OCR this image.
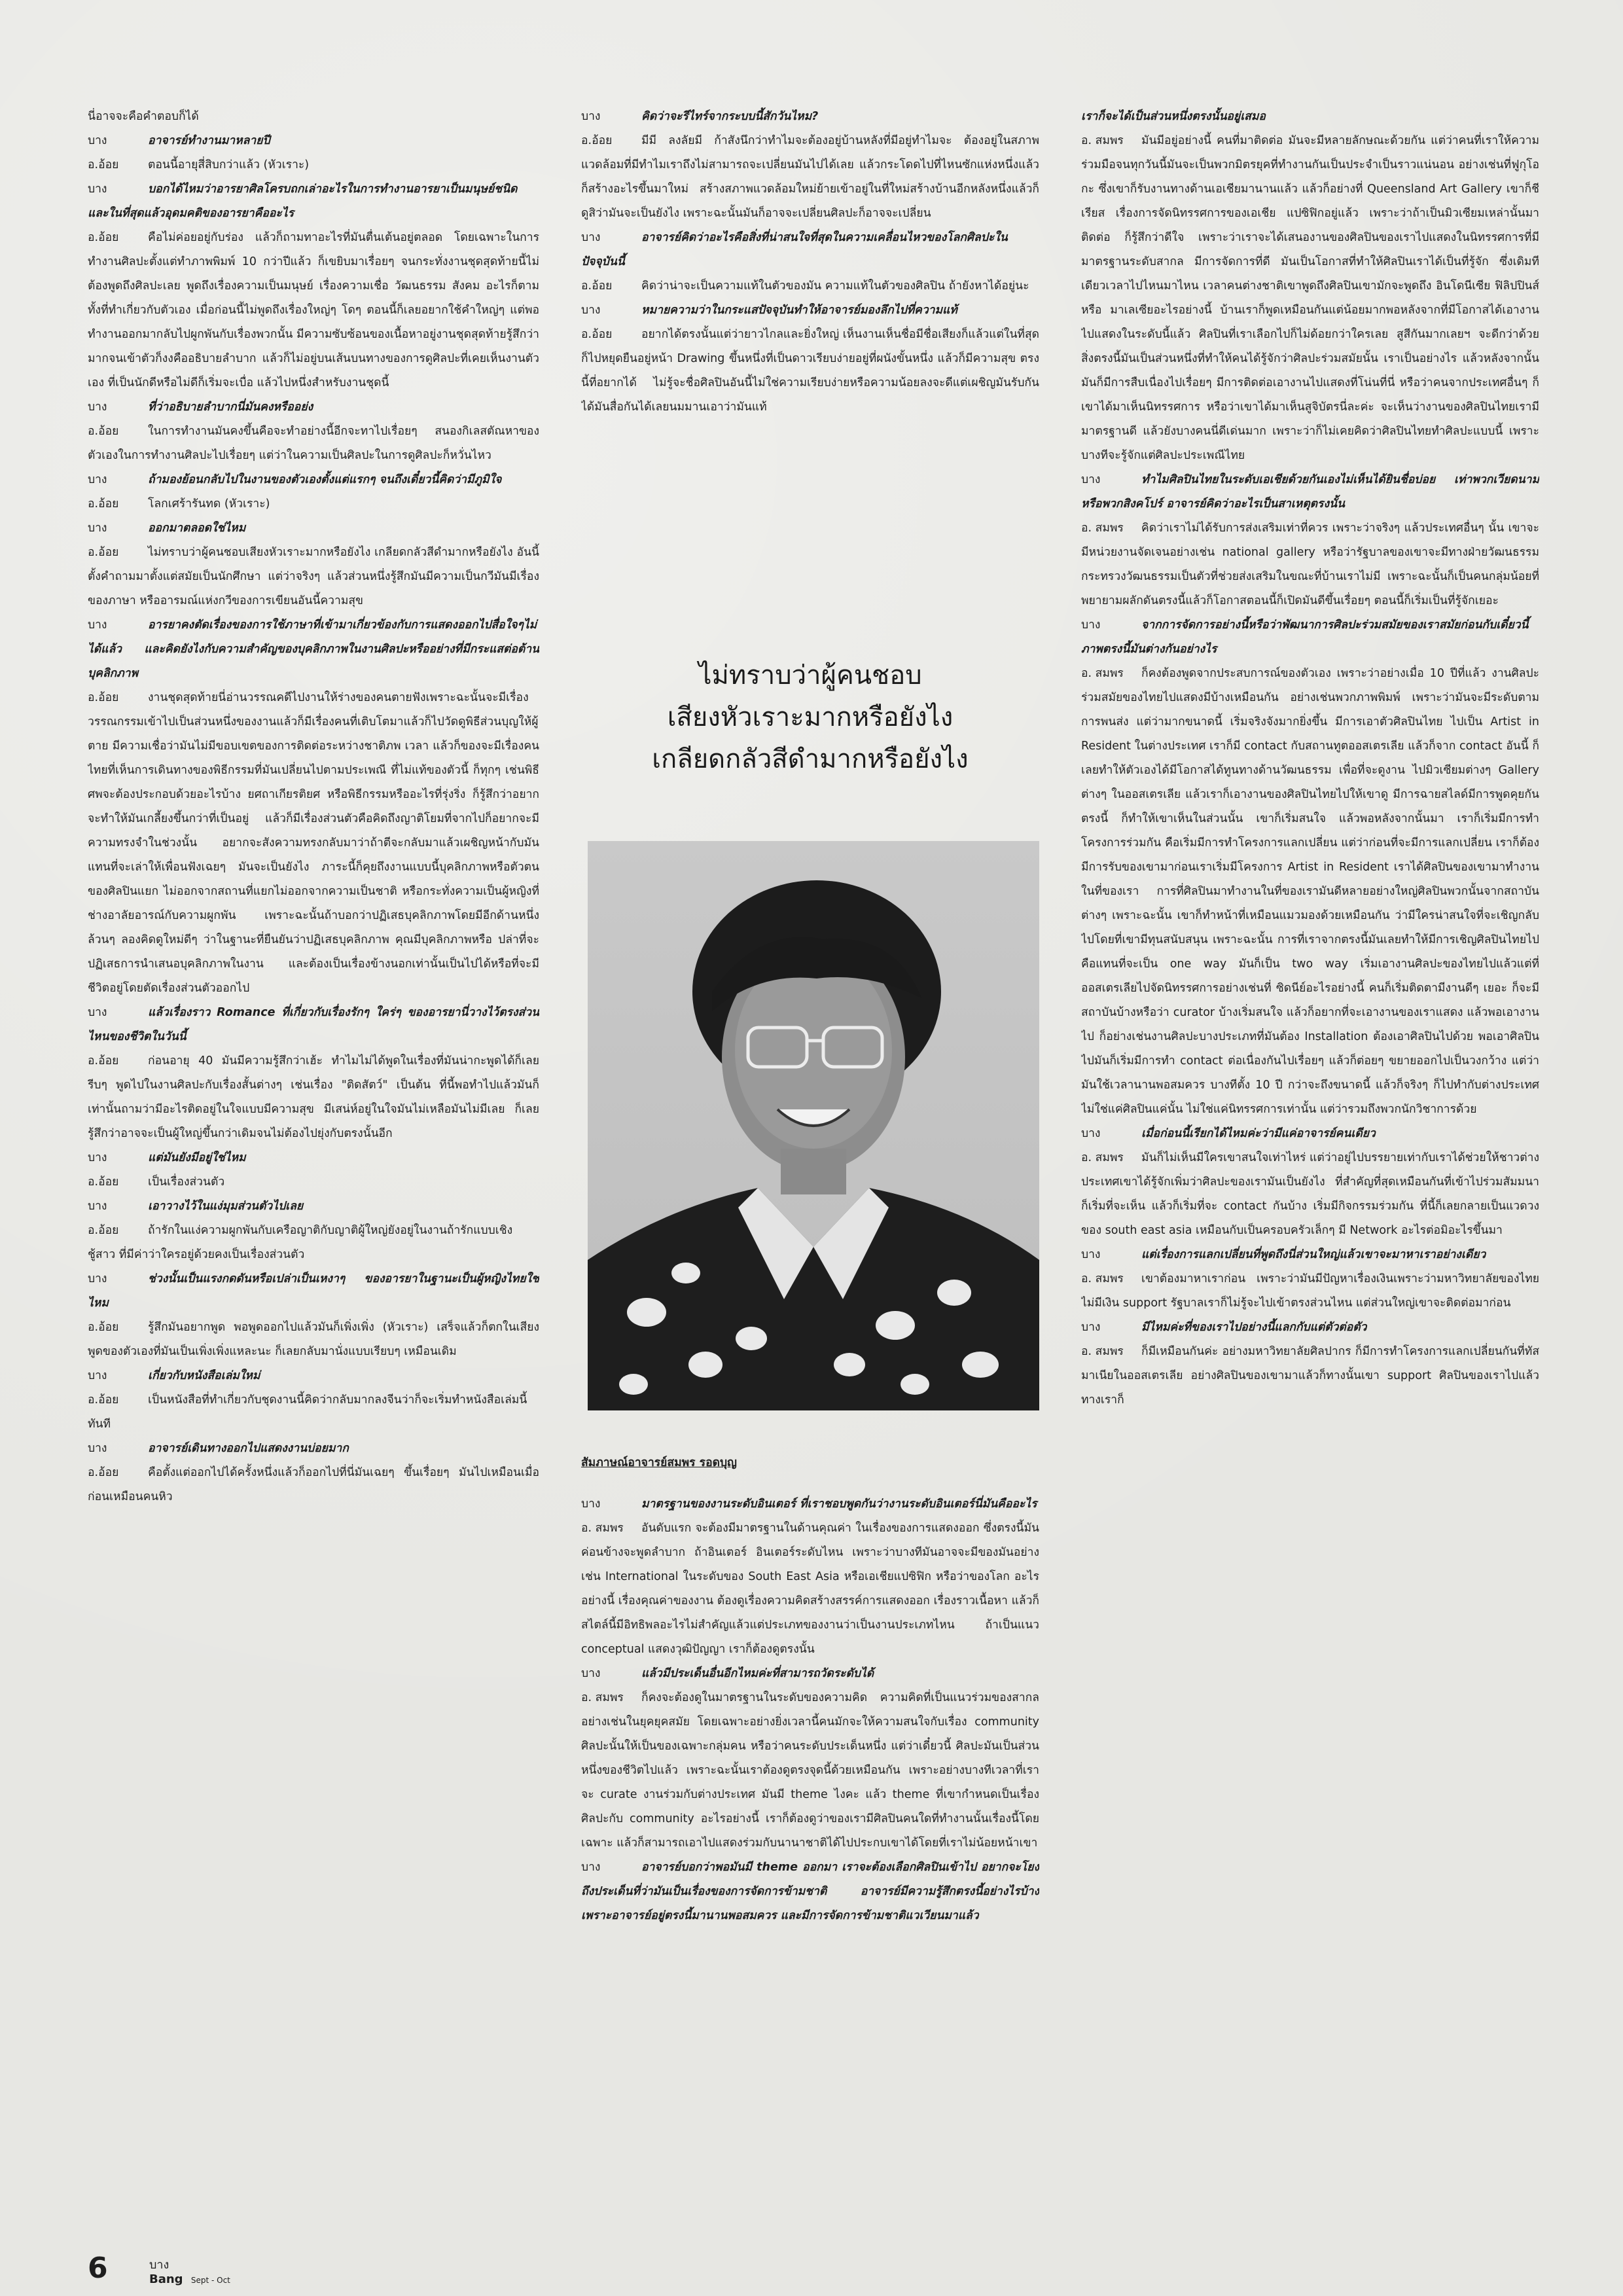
นี่อาจจะคือคำตอบก็ได้

บาง	อาจารย์ทำงานมาหลายปี

อ.อ้อย	ตอนนี้อายุสี่สิบกว่าแล้ว (หัวเราะ)

บาง	บอกได้ไหมว่าอารยาศิลโครบถกเล่าอะไรในการทำงานอารยาเป็นมนุษย์ชนิด และในที่สุดแล้วอุดมคติของอารยาคืออะไร

อ.อ้อย	คือไม่ค่อยอยู่กับร่อง แล้วก็ถามทาอะไรที่มันตื่นเต้นอยู่ตลอด โดยเฉพาะในการทำงานศิลปะตั้งแต่ทำภาพพิมพ์ 10 กว่าปีแล้ว ก็เขยิบมาเรื่อยๆ จนกระทั่งงานชุดสุดท้ายนี้ไม่ต้องพูดถึงศิลปะเลย พูดถึงเรื่องความเป็นมนุษย์ เรื่องความเชื่อ วัฒนธรรม สังคม อะไรก็ตามทั้งที่ทำเกี่ยวกับตัวเอง เมื่อก่อนนี้ไม่พูดถึงเรื่องใหญ่ๆ โดๆ ตอนนี้ก็เลยอยากใช้คำใหญ่ๆ แต่พอทำงานออกมากลับไปผูกพันกับเรื่องพวกนั้น มีความซับซ้อนของเนื้อหาอยู่งานชุดสุดท้ายรู้สึกว่ามากจนเข้าตัวก็งงคืออธิบายลำบาก แล้วก็ไม่อยู่บนเส้นบนทางของการดูศิลปะที่เคยเห็นงานตัวเอง ที่เป็นนักดีหรือไม่ดีก็เริ่มจะเบื่อ แล้วไปหนึ่งสำหรับงานชุดนี้

บาง	ที่ว่าอธิบายลำบากนี่มันคงหรืออย่ง

อ.อ้อย	ในการทำงานมันคงขึ้นคือจะทำอย่างนี้อีกจะทาไปเรื่อยๆ สนองกิเลสตัณหาของตัวเองในการทำงานศิลปะไปเรื่อยๆ แต่ว่าในความเป็นศิลปะในการดูศิลปะก็หวั่นไหว

บาง	ถ้ามองย้อนกลับไปในงานของตัวเองตั้งแต่แรกๆ จนถึงเดี๋ยวนี้คิดว่ามีภูมิใจ

อ.อ้อย	โลกเศร้ารันทด (หัวเราะ)

บาง	ออกมาตลอดใช่ไหม

อ.อ้อย	ไม่ทราบว่าผู้คนชอบเสียงหัวเราะมากหรือยังไง เกลียดกลัวสีดำมากหรือยังไง อันนี้ตั้งคำถามมาตั้งแต่สมัยเป็นนักศึกษา แต่ว่าจริงๆ แล้วส่วนหนึ่งรู้สึกมันมีความเป็นกวีมันมีเรื่องของภาษา หรืออารมณ์แห่งกวีของการเขียนอันนี้ความสุข

บาง	อารยาคงตัดเรื่องของการใช้ภาษาที่เข้ามาเกี่ยวข้องกับการแสดงออกไปสื่อใจๆไม่ได้แล้ว และคิดยังไงกับความสำคัญของบุคลิกภาพในงานศิลปะหรืออย่างที่มีกระแสต่อต้านบุคลิกภาพ

อ.อ้อย	งานชุดสุดท้ายนี่อ่านวรรณคดีไปงานให้ร่างของคนตายฟังเพราะฉะนั้นจะมีเรื่องวรรณกรรมเข้าไปเป็นส่วนหนึ่งของงานแล้วก็มีเรื่องคนที่เติบโตมาแล้วก็ไปวัดดูพิธีส่วนบุญให้ผู้ตาย มีความเชื่อว่ามันไม่มีขอบเขตของการติดต่อระหว่างชาติภพ เวลา แล้วก็ของจะมีเรื่องคนไทยที่เห็นการเดินทางของพิธีกรรมที่มันเปลี่ยนไปตามประเพณี ที่ไม่แท้ของตัวนี้ ก็ทุกๆ เช่นพิธีศพจะต้องประกอบด้วยอะไรบ้าง ยศถาเกียรติยศ หรือพิธีกรรมหรืออะไรที่รุ่งริ่ง ก็รู้สึกว่าอยากจะทำให้มันเกลี้ยงขึ้นกว่าที่เป็นอยู่ แล้วก็มีเรื่องส่วนตัวคือคิดถึงญาติโยมที่จากไปก็อยากจะมีความทรงจำในช่วงนั้น อยากจะสังความทรงกลับมาว่าถ้าตีจะกลับมาแล้วเผชิญหน้ากับมันแทนที่จะเล่าให้เพื่อนฟังเฉยๆ มันจะเป็นยังไง ภาระนี้ก็คุยถึงงานแบบนี้บุคลิกภาพหรือตัวตนของศิลปินแยก ไม่ออกจากสถานที่แยกไม่ออกจากความเป็นชาติ หรือกระทั่งความเป็นผู้หญิงที่ช่างอาลัยอารณ์กับความผูกพัน เพราะฉะนั้นถ้าบอกว่าปฏิเสธบุคลิกภาพโดยมีอีกด้านหนึ่งล้วนๆ ลองคิดดูใหม่ดีๆ ว่าในฐานะที่ยืนยันว่าปฏิเสธบุคลิกภาพ คุณมีบุคลิกภาพหรือ ปล่าที่จะปฏิเสธการนำเสนอบุคลิกภาพในงาน และต้องเป็นเรื่องข้างนอกเท่านั้นเป็นไปได้หรือที่จะมีชีวิตอยู่โดยตัดเรื่องส่วนตัวออกไป

บาง	แล้วเรื่องราว Romance ที่เกี่ยวกับเรื่องรักๆ ใคร่ๆ ของอารยานี่วางไว้ตรงส่วนไหนของชีวิตในวันนี้

อ.อ้อย	ก่อนอายุ 40 มันมีความรู้สึกว่าเฮ้ะ ทำไมไม่ได้พูดในเรื่องที่มันน่ากะพูดได้ก็เลยรีบๆ พูดไปในงานศิลปะกับเรื่องสั้นต่างๆ เช่นเรื่อง "ติดสัตว์" เป็นต้น ที่นี้พอทำไปแล้วมันก็เท่านั้นถามว่ามีอะไรติดอยู่ในใจแบบมีความสุข มีเสน่ห์อยู่ในใจมันไม่เหลือมันไม่มีเลย ก็เลยรู้สึกว่าอาจจะเป็นผู้ใหญ่ขึ้นกว่าเดิมจนไม่ต้องไปยุ่งกับตรงนั้นอีก

บาง	แต่มันยังมีอยู่ใช่ไหม

อ.อ้อย	เป็นเรื่องส่วนตัว

บาง	เอาวางไว้ในแง่มุมส่วนตัวไปเลย

อ.อ้อย	ถ้ารักในแง่ความผูกพันกับเครือญาติกับญาติผู้ใหญ่ยังอยู่ในงานถ้ารักแบบเชิงชู้สาว ที่มีค่าว่าใครอยู่ด้วยคงเป็นเรื่องส่วนตัว

บาง	ช่วงนั้นเป็นแรงกดดันหรือเปล่าเป็นเหงาๆ ของอารยาในฐานะเป็นผู้หญิงไทยใช่ไหม

อ.อ้อย	รู้สึกมันอยากพูด พอพูดออกไปแล้วมันก็เพิ่งเพิ่ง (หัวเราะ) เสร็จแล้วก็ตกในเสียงพูดของตัวเองที่มันเป็นเพิ่งเพิ่งแหละนะ ก็เลยกลับมานั่งแบบเรียบๆ เหมือนเดิม

บาง	เกี่ยวกับหนังสือเล่มใหม่

อ.อ้อย	เป็นหนังสือที่ทำเกี่ยวกับชุดงานนี้คิดว่ากลับมากลงจีนว่าก็จะเริ่มทำหนังสือเล่มนี้ทันที

บาง	อาจารย์เดินทางออกไปแสดงงานบ่อยมาก

อ.อ้อย	คือตั้งแต่ออกไปได้ครั้งหนึ่งแล้วก็ออกไปที่นี่มันเฉยๆ ขึ้นเรื่อยๆ มันไปเหมือนเมื่อก่อนเหมือนคนหิว

บาง	คิดว่าจะรีไทร์จากระบบนี้สักวันไหม?

อ.อ้อย	มีมี ลงลัยมี ก้าสังนึกว่าทำไมจะต้องอยู่บ้านหลังที่มีอยู่ทำไมจะ ต้องอยู่ในสภาพแวดล้อมที่มีทำไมเราถึงไม่สามารถจะเปลี่ยนมันไปได้เลย แล้วกระโดดไปที่ไหนซักแห่งหนึ่งแล้วก็สร้างอะไรขึ้นมาใหม่ สร้างสภาพแวดล้อมใหม่ย้ายเข้าอยู่ในที่ใหม่สร้างบ้านอีกหลังหนึ่งแล้วก็ดูสิว่ามันจะเป็นยังไง เพราะฉะนั้นมันก็อาจจะเปลี่ยนศิลปะก็อาจจะเปลี่ยน

บาง	อาจารย์คิดว่าอะไรคือสิ่งที่น่าสนใจที่สุดในความเคลื่อนไหวของโลกศิลปะในปัจจุบันนี้

อ.อ้อย	คิดว่าน่าจะเป็นความแท้ในตัวของมัน ความแท้ในตัวของศิลปิน ถ้ายังหาได้อยู่นะ

บาง	หมายความว่าในกระแสปัจจุบันทำให้อาจารย์มองลึกไปที่ความแท้

อ.อ้อย	อยากได้ตรงนั้นแต่ว่ายาวไกลและยิ่งใหญ่ เห็นงานเห็นชื่อมีชื่อเสียงก็แล้วแต่ในที่สุดก็ไปหยุดยืนอยู่หน้า Drawing ขึ้นหนึ่งที่เป็นดาวเรียบง่ายอยู่ที่ผนังขั้นหนึ่ง แล้วก็มีความสุข ตรงนี้ที่อยากได้ ไม่รู้จะชื่อศิลปินอันนี้ไม่ใช่ความเรียบง่ายหรือความน้อยลงจะดีแต่เผชิญมันรับกันได้มันสื่อกันได้เลยนมมานเอาว่ามันแท้

ไม่ทราบว่าผู้คนชอบ
เสียงหัวเราะมากหรือยังไง
เกลียดกลัวสีดำมากหรือยังไง
สัมภาษณ์อาจารย์สมพร รอดบุญ

บาง	มาตรฐานของงานระดับอินเตอร์ ที่เราชอบพูดกันว่างานระดับอินเตอร์นี่มันคืออะไร

อ. สมพร อันดับแรก จะต้องมีมาตรฐานในด้านคุณค่า ในเรื่องของการแสดงออก ซึ่งตรงนี้มันค่อนข้างจะพูดลำบาก ถ้าอินเตอร์ อินเตอร์ระดับไหน เพราะว่าบางทีมันอาจจะมีของมันอย่างเช่น International ในระดับของ South East Asia หรือเอเชียแปซิฟิก หรือว่าของโลก อะไรอย่างนี้ เรื่องคุณค่าของงาน ต้องดูเรื่องความคิดสร้างสรรค์การแสดงออก เรื่องราวเนื้อหา แล้วก็สไตล์นี้มีอิทธิพลอะไรไม่สำคัญแล้วแต่ประเภทของงานว่าเป็นงานประเภทไหน ถ้าเป็นแนว conceptual แสดงวุฒิปัญญา เราก็ต้องดูตรงนั้น

บาง	แล้วมีประเด็นอื่นอีกไหมค่ะที่สามารถวัดระดับได้

อ. สมพร ก็คงจะต้องดูในมาตรฐานในระดับของความคิด ความคิดที่เป็นแนวร่วมของสากล อย่างเช่นในยุคยุคสมัย โดยเฉพาะอย่างยิ่งเวลานี้คนมักจะให้ความสนใจกับเรื่อง community ศิลปะนั้นให้เป็นของเฉพาะกลุ่มคน หรือว่าคนระดับประเด็นหนึ่ง แต่ว่าเดี๋ยวนี้ ศิลปะมันเป็นส่วนหนึ่งของชีวิตไปแล้ว เพราะฉะนั้นเราต้องดูตรงจุดนี้ด้วยเหมือนกัน เพราะอย่างบางทีเวลาที่เราจะ curate งานร่วมกับต่างประเทศ มันมี theme ไงคะ แล้ว theme ที่เขากำหนดเป็นเรื่องศิลปะกับ community อะไรอย่างนี้ เราก็ต้องดูว่าของเรามีศิลปินคนใดที่ทำงานนั้นเรื่องนี้โดยเฉพาะ แล้วก็สามารถเอาไปแสดงร่วมกับนานาชาติได้ไปประกบเขาได้โดยที่เราไม่น้อยหน้าเขา

บาง	อาจารย์บอกว่าพอมันมี theme ออกมา เราจะต้องเลือกศิลปินเข้าไป อยากจะโยงถึงประเด็นที่ว่ามันเป็นเรื่องของการจัดการข้ามชาติ อาจารย์มีความรู้สึกตรงนี้อย่างไรบ้าง เพราะอาจารย์อยู่ตรงนี้มานานพอสมควร และมีการจัดการข้ามชาติแวเวียนมาแล้ว

เราก็จะได้เป็นส่วนหนึ่งตรงนั้นอยู่เสมอ

อ. สมพร มันมีอยู่อย่างนี้ คนที่มาติดต่อ มันจะมีหลายลักษณะด้วยกัน แต่ว่าคนที่เราให้ความร่วมมือจนทุกวันนี้มันจะเป็นพวกมิตรยุคที่ทำงานกันเป็นประจำเป็นราวแน่นอน อย่างเช่นที่ฟูกุโอกะ ซึ่งเขาก็รับงานทางด้านเอเชียมานานแล้ว แล้วก็อย่างที่ Queensland Art Gallery เขาก็ชีเรียส เรื่องการจัดนิทรรศการของเอเชีย แปซิฟิกอยู่แล้ว เพราะว่าถ้าเป็นมิวเซียมเหล่านั้นมาติดต่อ ก็รู้สึกว่าดีใจ เพราะว่าเราจะได้เสนองานของศิลปินของเราไปแสดงในนิทรรศการที่มีมาตรฐานระดับสากล มีการจัดการที่ดี มันเป็นโอกาสที่ทำให้ศิลปินเราได้เป็นที่รู้จัก ซึ่งเดิมทีเดียวเวลาไปไหนมาไหน เวลาคนต่างชาติเขาพูดถึงศิลปินเขามักจะพูดถึง อินโดนีเซีย ฟิลิปปินส์ หรือ มาเลเซียอะไรอย่างนี้ บ้านเราก็พูดเหมือนกันแต่น้อยมากพอหลังจากที่มีโอกาสได้เอางานไปแสดงในระดับนี้แล้ว ศิลปินที่เราเลือกไปก็ไม่ด้อยกว่าใครเลย สูสีกันมากเลยฯ จะดีกว่าด้วย สิ่งตรงนี้มันเป็นส่วนหนึ่งที่ทำให้คนได้รู้จักว่าศิลปะร่วมสมัยนั้น เราเป็นอย่างไร แล้วหลังจากนั้นมันก็มีการสืบเนื่องไปเรื่อยๆ มีการติดต่อเอางานไปแสดงที่โน่นที่นี่ หรือว่าคนจากประเทศอื่นๆ ก็เขาได้มาเห็นนิทรรศการ หรือว่าเขาได้มาเห็นสูจิบัตรนี่ละค่ะ จะเห็นว่างานของศิลปินไทยเรามีมาตรฐานดี แล้วยังบางคนนี่ดีเด่นมาก เพราะว่าก็ไม่เคยคิดว่าศิลปินไทยทำศิลปะแบบนี้ เพราะบางทีจะรู้จักแต่ศิลปะประเพณีไทย

บาง	ทำไมศิลปินไทยในระดับเอเชียด้วยกันเองไม่เห็นได้ยินชื่อบ่อย เท่าพวกเวียดนามหรือพวกสิงคโปร์ อาจารย์คิดว่าอะไรเป็นสาเหตุตรงนั้น

อ. สมพร คิดว่าเราไม่ได้รับการส่งเสริมเท่าที่ควร เพราะว่าจริงๆ แล้วประเทศอื่นๆ นั้น เขาจะมีหน่วยงานจัดเจนอย่างเช่น national gallery หรือว่ารัฐบาลของเขาจะมีทางฝ่ายวัฒนธรรม กระทรวงวัฒนธรรมเป็นตัวที่ช่วยส่งเสริมในขณะที่บ้านเราไม่มี เพราะฉะนั้นก็เป็นคนกลุ่มน้อยที่พยายามผลักดันตรงนี้แล้วก็โอกาสตอนนี้ก็เปิดมันดีขึ้นเรื่อยๆ ตอนนี้ก็เริ่มเป็นที่รู้จักเยอะ

บาง	จากการจัดการอย่างนี้หรือว่าพัฒนาการศิลปะร่วมสมัยของเราสมัยก่อนกับเดี๋ยวนี้ ภาพตรงนี้มันต่างกันอย่างไร

อ. สมพร ก็คงต้องพูดจากประสบการณ์ของตัวเอง เพราะว่าอย่างเมื่อ 10 ปีที่แล้ว งานศิลปะร่วมสมัยของไทยไปแสดงมีบ้างเหมือนกัน อย่างเช่นพวกภาพพิมพ์ เพราะว่ามันจะมีระดับตามการพนส่ง แต่ว่ามากขนาดนี้ เริ่มจริงจังมากยิ่งขึ้น มีการเอาตัวศิลปินไทย ไปเป็น Artist in Resident ในต่างประเทศ เราก็มี contact กับสถานทูตออสเตรเลีย แล้วก็จาก contact อันนี้ ก็เลยทำให้ตัวเองได้มีโอกาสได้ทูนทางด้านวัฒนธรรม เพื่อที่จะดูงาน ไปมิวเซียมต่างๆ Gallery ต่างๆ ในออสเตรเลีย แล้วเราก็เอางานของศิลปินไทยไปให้เขาดู มีการฉายสไลด์มีการพูดคุยกันตรงนี้ ก็ทำให้เขาเห็นในส่วนนั้น เขาก็เริ่มสนใจ แล้วพอหลังจากนั้นมา เราก็เริ่มมีการทำโครงการร่วมกัน คือเริ่มมีการทำโครงการแลกเปลี่ยน แต่ว่าก่อนที่จะมีการแลกเปลี่ยน เราก็ต้องมีการรับของเขามาก่อนเราเริ่มมีโครงการ Artist in Resident เราได้ศิลปินของเขามาทำงานในที่ของเรา การที่ศิลปินมาทำงานในที่ของเรามันดีหลายอย่างใหญ่ศิลปินพวกนั้นจากสถาบันต่างๆ เพราะฉะนั้น เขาก็ทำหน้าที่เหมือนแมวมองด้วยเหมือนกัน ว่ามีใครน่าสนใจที่จะเชิญกลับไปโดยที่เขามีทุนสนับสนุน เพราะฉะนั้น การที่เราจากตรงนี้มันเลยทำให้มีการเชิญศิลปินไทยไป คือแทนที่จะเป็น one way มันก็เป็น two way เริ่มเอางานศิลปะของไทยไปแล้วแต่ที่ออสเตรเลียไปจัดนิทรรศการอย่างเช่นที่ ซิดนีย์อะไรอย่างนี้ คนก็เริ่มติดตามีงานดีๆ เยอะ ก็จะมีสถาบันบ้างหรือว่า curator บ้างเริ่มสนใจ แล้วก็อยากที่จะเอางานของเราแสดง แล้วพอเอางานไป ก็อย่างเช่นงานศิลปะบางประเภทที่มันต้อง Installation ต้องเอาศิลปินไปด้วย พอเอาศิลปินไปมันก็เริ่มมีการทำ contact ต่อเนื่องกันไปเรื่อยๆ แล้วก็ต่อยๆ ขยายออกไปเป็นวงกว้าง แต่ว่ามันใช้เวลานานพอสมควร บางทีตั้ง 10 ปี กว่าจะถึงขนาดนี้ แล้วก็จริงๆ ก็ไปทำกับต่างประเทศไม่ใช่แค่ศิลปินแค่นั้น ไม่ใช่แค่นิทรรศการเท่านั้น แต่ว่ารวมถึงพวกนักวิชาการด้วย

บาง	เมื่อก่อนนี้เรียกได้ไหมค่ะว่ามีแค่อาจารย์คนเดียว

อ. สมพร มันก็ไม่เห็นมีใครเขาสนใจเท่าไหร่ แต่ว่าอยู่ไปบรรยายเท่ากับเราได้ช่วยให้ชาวต่างประเทศเขาได้รู้จักเพิ่มว่าศิลปะของเรามันเป็นยังไง ที่สำคัญที่สุดเหมือนกันที่เข้าไปร่วมสัมมนาก็เริ่มที่จะเห็น แล้วก็เริ่มที่จะ contact กันบ้าง เริ่มมีกิจกรรมร่วมกัน ที่นี้ก็เลยกลายเป็นแวดวงของ south east asia เหมือนกับเป็นครอบครัวเล็กๆ มี Network อะไรต่อมิอะไรขึ้นมา

บาง	แต่เรื่องการแลกเปลี่ยนที่พูดถึงนี่ส่วนใหญ่แล้วเขาจะมาหาเราอย่างเดียว

อ. สมพร เขาต้องมาหาเราก่อน เพราะว่ามันมีปัญหาเรื่องเงินเพราะว่ามหาวิทยาลัยของไทยไม่มีเงิน support รัฐบาลเราก็ไม่รู้จะไปเข้าตรงส่วนไหน แต่ส่วนใหญ่เขาจะติดต่อมาก่อน

บาง	มีไหมค่ะที่ของเราไปอย่างนี้แลกกับแต่ตัวต่อตัว

อ. สมพร ก็มีเหมือนกันค่ะ อย่างมหาวิทยาลัยศิลปากร ก็มีการทำโครงการแลกเปลี่ยนกันที่ทัสมาเนียในออสเตรเลีย อย่างศิลปินของเขามาแล้วก็ทางนั้นเขา support ศิลปินของเราไปแล้วทางเราก็

6	บาง
Bang Sept - Oct
